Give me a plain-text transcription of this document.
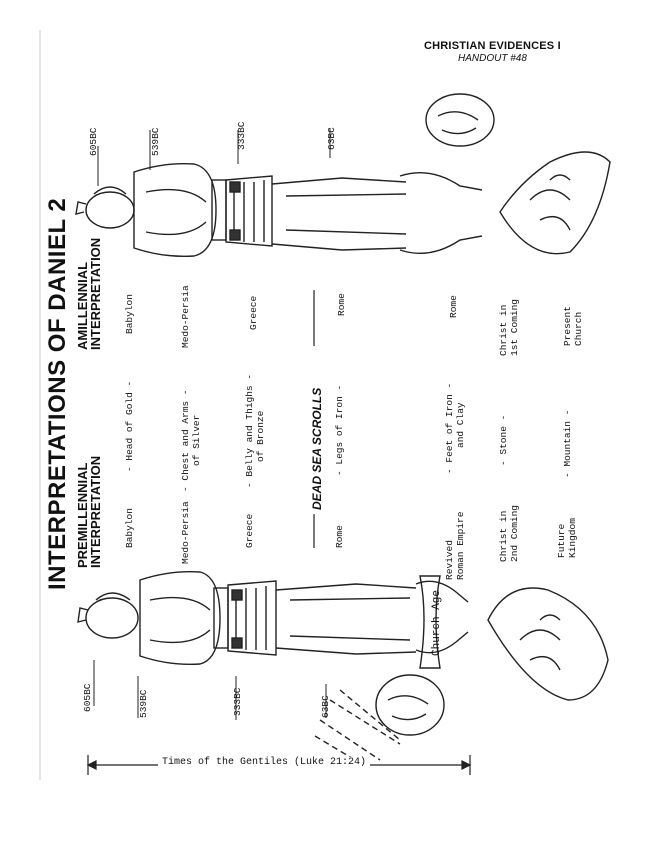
CHRISTIAN EVIDENCES I
HANDOUT #48
INTERPRETATIONS OF DANIEL 2 PREMILLENNIAL
INTERPRETATION
AMILLENNIAL
INTERPRETATION
Babylon	Medo-Persia	Greece	Rome
Revived Roman Empire	Christ in 2nd Coming	Future Kingdom
- Head of Gold -	- Chest and Arms - of Silver	- Belly and Thighs - of Bronze	- Legs of Iron -	- Feet of Iron - and Clay	- Stone -	- Mountain -
Babylon	Medo-Persia	Greece	Rome	Rome	Christ in 1st Coming	Present Church
DEAD SEA SCROLLS
605BC	539BC	333BC	63BC
Church Age
605BC	539BC	333BC	63BC
Times of the Gentiles (Luke 21:24)
